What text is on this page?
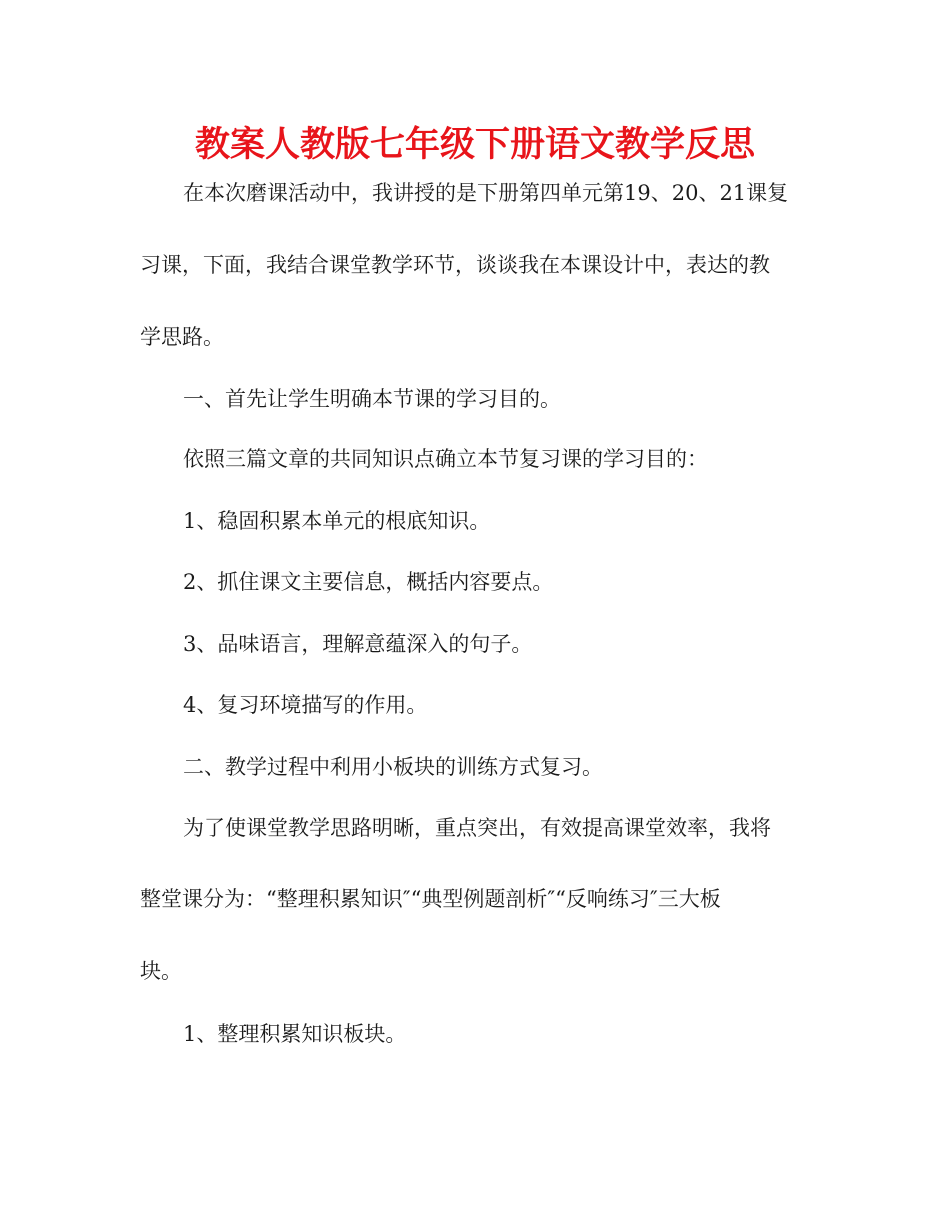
教案人教版七年级下册语文教学反思
在本次磨课活动中，我讲授的是下册第四单元第19、20、21课复
习课，下面，我结合课堂教学环节，谈谈我在本课设计中，表达的教
学思路。
一、首先让学生明确本节课的学习目的。
依照三篇文章的共同知识点确立本节复习课的学习目的：
1、稳固积累本单元的根底知识。
2、抓住课文主要信息，概括内容要点。
3、品味语言，理解意蕴深入的句子。
4、复习环境描写的作用。
二、教学过程中利用小板块的训练方式复习。
为了使课堂教学思路明晰，重点突出，有效提高课堂效率，我将
整堂课分为：“整理积累知识″“典型例题剖析″“反响练习″三大板
块。
1、整理积累知识板块。
